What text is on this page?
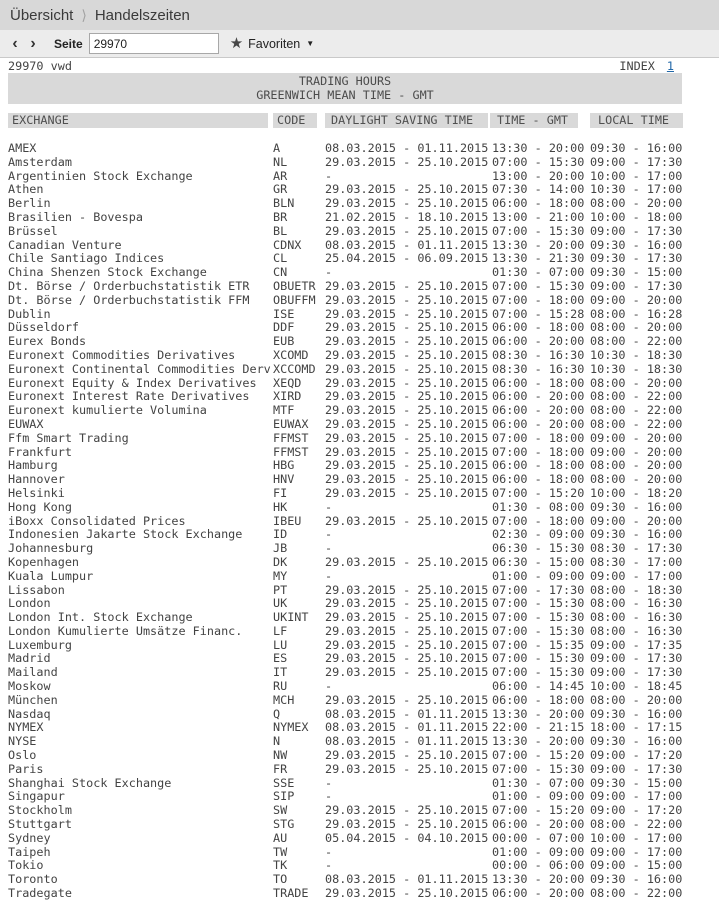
Übersicht ⟩ Handelszeiten
‹ ›	Seite
29970	★ Favoriten ▼
29970 vwd	INDEX 1
TRADING HOURS
GREENWICH MEAN TIME - GMT
EXCHANGE	CODE	DAYLIGHT SAVING TIME	TIME - GMT	LOCAL TIME
AMEX	A	08.03.2015 - 01.11.2015 13:30 - 20:00 09:30 - 16:00
Amsterdam	NL	29.03.2015 - 25.10.2015 07:00 - 15:30 09:00 - 17:30
Argentinien Stock Exchange	AR	-	13:00 - 20:00 10:00 - 17:00
Athen	GR	29.03.2015 - 25.10.2015 07:30 - 14:00 10:30 - 17:00
Berlin	BLN	29.03.2015 - 25.10.2015 06:00 - 18:00 08:00 - 20:00
Brasilien - Bovespa	BR	21.02.2015 - 18.10.2015 13:00 - 21:00 10:00 - 18:00
Brüssel	BL	29.03.2015 - 25.10.2015 07:00 - 15:30 09:00 - 17:30
Canadian Venture	CDNX	08.03.2015 - 01.11.2015 13:30 - 20:00 09:30 - 16:00
Chile Santiago Indices	CL	25.04.2015 - 06.09.2015 13:30 - 21:30 09:30 - 17:30
China Shenzen Stock Exchange	CN	-	01:30 - 07:00 09:30 - 15:00
Dt. Börse / Orderbuchstatistik ETR	OBUETR 29.03.2015 - 25.10.2015 07:00 - 15:30 09:00 - 17:30
Dt. Börse / Orderbuchstatistik FFM	OBUFFM 29.03.2015 - 25.10.2015 07:00 - 18:00 09:00 - 20:00
Dublin	ISE	29.03.2015 - 25.10.2015 07:00 - 15:28 08:00 - 16:28
Düsseldorf	DDF	29.03.2015 - 25.10.2015 06:00 - 18:00 08:00 - 20:00
Eurex Bonds	EUB	29.03.2015 - 25.10.2015 06:00 - 20:00 08:00 - 22:00
Euronext Commodities Derivatives	XCOMD	29.03.2015 - 25.10.2015 08:30 - 16:30 10:30 - 18:30
Euronext Continental Commodities Derv XCCOMD 29.03.2015 - 25.10.2015 08:30 - 16:30 10:30 - 18:30
Euronext Equity & Index Derivatives	XEQD	29.03.2015 - 25.10.2015 06:00 - 18:00 08:00 - 20:00
Euronext Interest Rate Derivatives	XIRD	29.03.2015 - 25.10.2015 06:00 - 20:00 08:00 - 22:00
Euronext kumulierte Volumina	MTF	29.03.2015 - 25.10.2015 06:00 - 20:00 08:00 - 22:00
EUWAX	EUWAX	29.03.2015 - 25.10.2015 06:00 - 20:00 08:00 - 22:00
Ffm Smart Trading	FFMST	29.03.2015 - 25.10.2015 07:00 - 18:00 09:00 - 20:00
Frankfurt	FFMST	29.03.2015 - 25.10.2015 07:00 - 18:00 09:00 - 20:00
Hamburg	HBG	29.03.2015 - 25.10.2015 06:00 - 18:00 08:00 - 20:00
Hannover	HNV	29.03.2015 - 25.10.2015 06:00 - 18:00 08:00 - 20:00
Helsinki	FI	29.03.2015 - 25.10.2015 07:00 - 15:20 10:00 - 18:20
Hong Kong	HK	-	01:30 - 08:00 09:30 - 16:00
iBoxx Consolidated Prices	IBEU	29.03.2015 - 25.10.2015 07:00 - 18:00 09:00 - 20:00
Indonesien Jakarte Stock Exchange	ID	-	02:30 - 09:00 09:30 - 16:00
Johannesburg	JB	-	06:30 - 15:30 08:30 - 17:30
Kopenhagen	DK	29.03.2015 - 25.10.2015 06:30 - 15:00 08:30 - 17:00
Kuala Lumpur	MY	-	01:00 - 09:00 09:00 - 17:00
Lissabon	PT	29.03.2015 - 25.10.2015 07:00 - 17:30 08:00 - 18:30
London	UK	29.03.2015 - 25.10.2015 07:00 - 15:30 08:00 - 16:30
London Int. Stock Exchange	UKINT	29.03.2015 - 25.10.2015 07:00 - 15:30 08:00 - 16:30
London Kumulierte Umsätze Financ.	LF	29.03.2015 - 25.10.2015 07:00 - 15:30 08:00 - 16:30
Luxemburg	LU	29.03.2015 - 25.10.2015 07:00 - 15:35 09:00 - 17:35
Madrid	ES	29.03.2015 - 25.10.2015 07:00 - 15:30 09:00 - 17:30
Mailand	IT	29.03.2015 - 25.10.2015 07:00 - 15:30 09:00 - 17:30
Moskow	RU	-	06:00 - 14:45 10:00 - 18:45
München	MCH	29.03.2015 - 25.10.2015 06:00 - 18:00 08:00 - 20:00
Nasdaq	Q	08.03.2015 - 01.11.2015 13:30 - 20:00 09:30 - 16:00
NYMEX	NYMEX	08.03.2015 - 01.11.2015 22:00 - 21:15 18:00 - 17:15
NYSE	N	08.03.2015 - 01.11.2015 13:30 - 20:00 09:30 - 16:00
Oslo	NW	29.03.2015 - 25.10.2015 07:00 - 15:20 09:00 - 17:20
Paris	FR	29.03.2015 - 25.10.2015 07:00 - 15:30 09:00 - 17:30
Shanghai Stock Exchange	SSE	-	01:30 - 07:00 09:30 - 15:00
Singapur	SIP	-	01:00 - 09:00 09:00 - 17:00
Stockholm	SW	29.03.2015 - 25.10.2015 07:00 - 15:20 09:00 - 17:20
Stuttgart	STG	29.03.2015 - 25.10.2015 06:00 - 20:00 08:00 - 22:00
Sydney	AU	05.04.2015 - 04.10.2015 00:00 - 07:00 10:00 - 17:00
Taipeh	TW	-	01:00 - 09:00 09:00 - 17:00
Tokio	TK	-	00:00 - 06:00 09:00 - 15:00
Toronto	TO	08.03.2015 - 01.11.2015 13:30 - 20:00 09:30 - 16:00
Tradegate	TRADE	29.03.2015 - 25.10.2015 06:00 - 20:00 08:00 - 22:00
